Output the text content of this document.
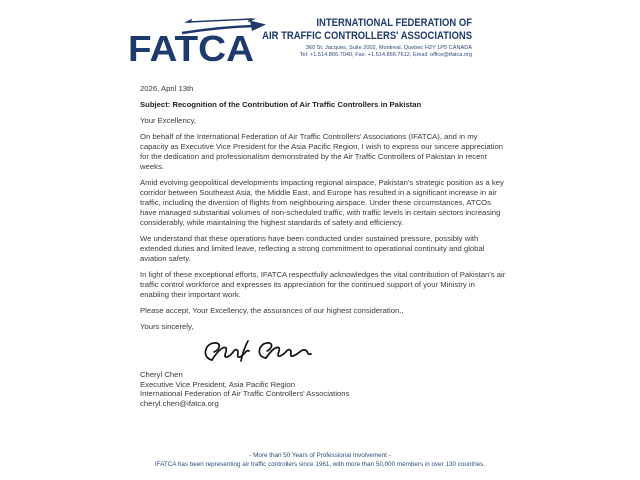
FATCA
INTERNATIONAL FEDERATION OF
AIR TRAFFIC CONTROLLERS' ASSOCIATIONS
360 St. Jacques, Suite 2002, Montreal, Quebec H2Y 1P5 CANADA
Tel: +1.514.866.7040, Fax: +1.514.866.7612, Email: office@ifatca.org

2026, April 13th

Subject: Recognition of the Contribution of Air Traffic Controllers in Pakistan

Your Excellency,

On behalf of the International Federation of Air Traffic Controllers' Associations (IFATCA), and in my capacity as Executive Vice President for the Asia Pacific Region, I wish to express our sincere appreciation for the dedication and professionalism demonstrated by the Air Traffic Controllers of Pakistan in recent weeks.

Amid evolving geopolitical developments impacting regional airspace, Pakistan's strategic position as a key corridor between Southeast Asia, the Middle East, and Europe has resulted in a significant increase in air traffic, including the diversion of flights from neighbouring airspace. Under these circumstances, ATCOs have managed substantial volumes of non-scheduled traffic, with traffic levels in certain sectors increasing considerably, while maintaining the highest standards of safety and efficiency.

We understand that these operations have been conducted under sustained pressure, possibly with extended duties and limited leave, reflecting a strong commitment to operational continuity and global aviation safety.

In light of these exceptional efforts, IFATCA respectfully acknowledges the vital contribution of Pakistan's air traffic control workforce and expresses its appreciation for the continued support of your Ministry in enabling their important work.

Please accept, Your Excellency, the assurances of our highest consideration.,

Yours sincerely,

Cheryl Chen
Executive Vice President, Asia Pacific Region
International Federation of Air Traffic Controllers' Associations
cheryl.chen@ifatca.org
- More than 50 Years of Professional Involvement -
IFATCA has been representing air traffic controllers since 1961, with more than 50,000 members in over 130 countries.
